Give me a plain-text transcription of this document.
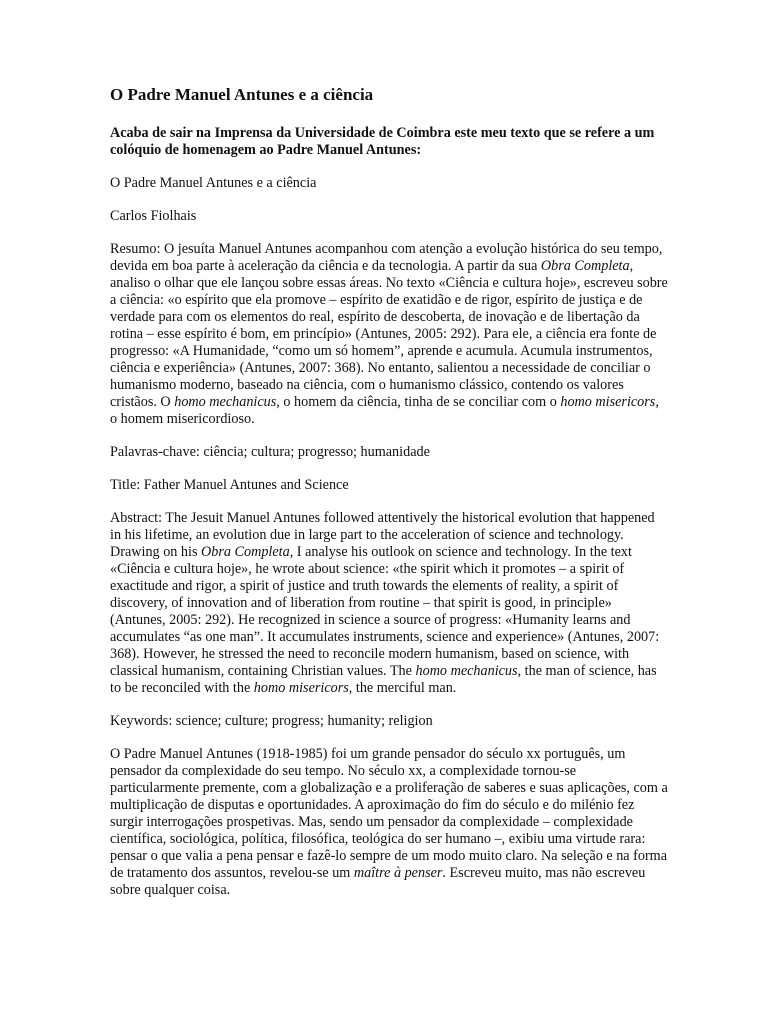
O Padre Manuel Antunes e a ciência

Acaba de sair na Imprensa da Universidade de Coimbra este meu texto que se refere a um colóquio de homenagem ao Padre Manuel Antunes:

O Padre Manuel Antunes e a ciência

Carlos Fiolhais

Resumo: O jesuíta Manuel Antunes acompanhou com atenção a evolução histórica do seu tempo, devida em boa parte à aceleração da ciência e da tecnologia. A partir da sua Obra Completa, analiso o olhar que ele lançou sobre essas áreas. No texto «Ciência e cultura hoje», escreveu sobre a ciência: «o espírito que ela promove – espírito de exatidão e de rigor, espírito de justiça e de verdade para com os elementos do real, espírito de descoberta, de inovação e de libertação da rotina – esse espírito é bom, em princípio» (Antunes, 2005: 292). Para ele, a ciência era fonte de progresso: «A Humanidade, “como um só homem”, aprende e acumula. Acumula instrumentos, ciência e experiência» (Antunes, 2007: 368). No entanto, salientou a necessidade de conciliar o humanismo moderno, baseado na ciência, com o humanismo clássico, contendo os valores cristãos. O homo mechanicus, o homem da ciência, tinha de se conciliar com o homo misericors, o homem misericordioso.

Palavras-chave: ciência; cultura; progresso; humanidade

Title: Father Manuel Antunes and Science

Abstract: The Jesuit Manuel Antunes followed attentively the historical evolution that happened in his lifetime, an evolution due in large part to the acceleration of science and technology. Drawing on his Obra Completa, I analyse his outlook on science and technology. In the text «Ciência e cultura hoje», he wrote about science: «the spirit which it promotes – a spirit of exactitude and rigor, a spirit of justice and truth towards the elements of reality, a spirit of discovery, of innovation and of liberation from routine – that spirit is good, in principle» (Antunes, 2005: 292). He recognized in science a source of progress: «Humanity learns and accumulates “as one man”. It accumulates instruments, science and experience» (Antunes, 2007: 368). However, he stressed the need to reconcile modern humanism, based on science, with classical humanism, containing Christian values. The homo mechanicus, the man of science, has to be reconciled with the homo misericors, the merciful man.

Keywords: science; culture; progress; humanity; religion

O Padre Manuel Antunes (1918-1985) foi um grande pensador do século xx português, um pensador da complexidade do seu tempo. No século xx, a complexidade tornou-se particularmente premente, com a globalização e a proliferação de saberes e suas aplicações, com a multiplicação de disputas e oportunidades. A aproximação do fim do século e do milénio fez surgir interrogações prospetivas. Mas, sendo um pensador da complexidade – complexidade científica, sociológica, política, filosófica, teológica do ser humano –, exibiu uma virtude rara: pensar o que valia a pena pensar e fazê-lo sempre de um modo muito claro. Na seleção e na forma de tratamento dos assuntos, revelou-se um maître à penser. Escreveu muito, mas não escreveu sobre qualquer coisa.
